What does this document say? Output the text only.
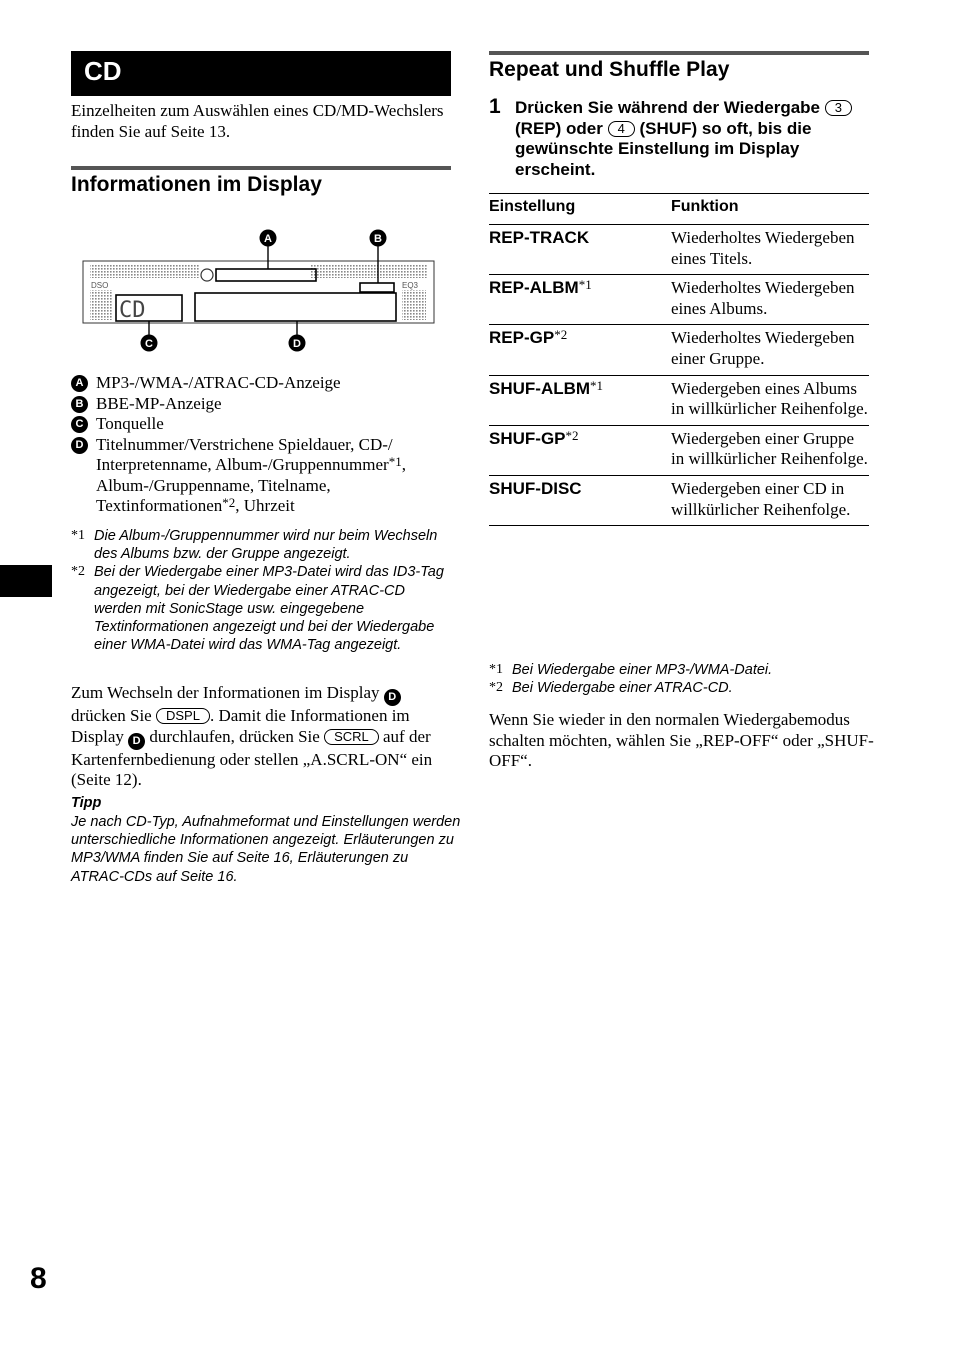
CD
Einzelheiten zum Auswählen eines CD/MD-Wechslers finden Sie auf Seite 13.
Informationen im Display
DSO	EQ3
CD
A	B
C	D
A MP3-/WMA-/ATRAC-CD-Anzeige
B BBE-MP-Anzeige
C Tonquelle
D Titelnummer/Verstrichene Spieldauer, CD-/ Interpretenname, Album-/Gruppennummer$^{*1}$, Album-/Gruppenname, Titelname, Textinformationen$^{*2}$, Uhrzeit
*1 Die Album-/Gruppennummer wird nur beim Wechseln des Albums bzw. der Gruppe angezeigt.
*2 Bei der Wiedergabe einer MP3-Datei wird das ID3-Tag angezeigt, bei der Wiedergabe einer ATRAC-CD werden mit SonicStage usw. eingegebene Textinformationen angezeigt und bei der Wiedergabe einer WMA-Datei wird das WMA-Tag angezeigt.
Zum Wechseln der Informationen im Display D drücken Sie DSPL . Damit die Informationen im Display D durchlaufen, drücken Sie SCRL auf der Kartenfernbedienung oder stellen „A.SCRL-ON“ ein (Seite 12).
Tipp
Je nach CD-Typ, Aufnahmeformat und Einstellungen werden unterschiedliche Informationen angezeigt. Erläuterungen zu MP3/WMA finden Sie auf Seite 16, Erläuterungen zu ATRAC-CDs auf Seite 16.
Repeat und Shuffle Play
1 Drücken Sie während der Wiedergabe 3 (REP) oder 4 (SHUF) so oft, bis die gewünschte Einstellung im Display erscheint.
Einstellung	Funktion
REP-TRACK	Wiederholtes Wiedergeben eines Titels.
REP-ALBM$^{*1}$	Wiederholtes Wiedergeben eines Albums.
REP-GP$^{*2}$	Wiederholtes Wiedergeben einer Gruppe.
SHUF-ALBM$^{*1}$	Wiedergeben eines Albums in willkürlicher Reihenfolge.
SHUF-GP$^{*2}$	Wiedergeben einer Gruppe in willkürlicher Reihenfolge.
SHUF-DISC	Wiedergeben einer CD in willkürlicher Reihenfolge.
*1 Bei Wiedergabe einer MP3-/WMA-Datei.
*2 Bei Wiedergabe einer ATRAC-CD.
Wenn Sie wieder in den normalen Wiedergabemodus schalten möchten, wählen Sie „REP-OFF“ oder „SHUF-OFF“.
8
